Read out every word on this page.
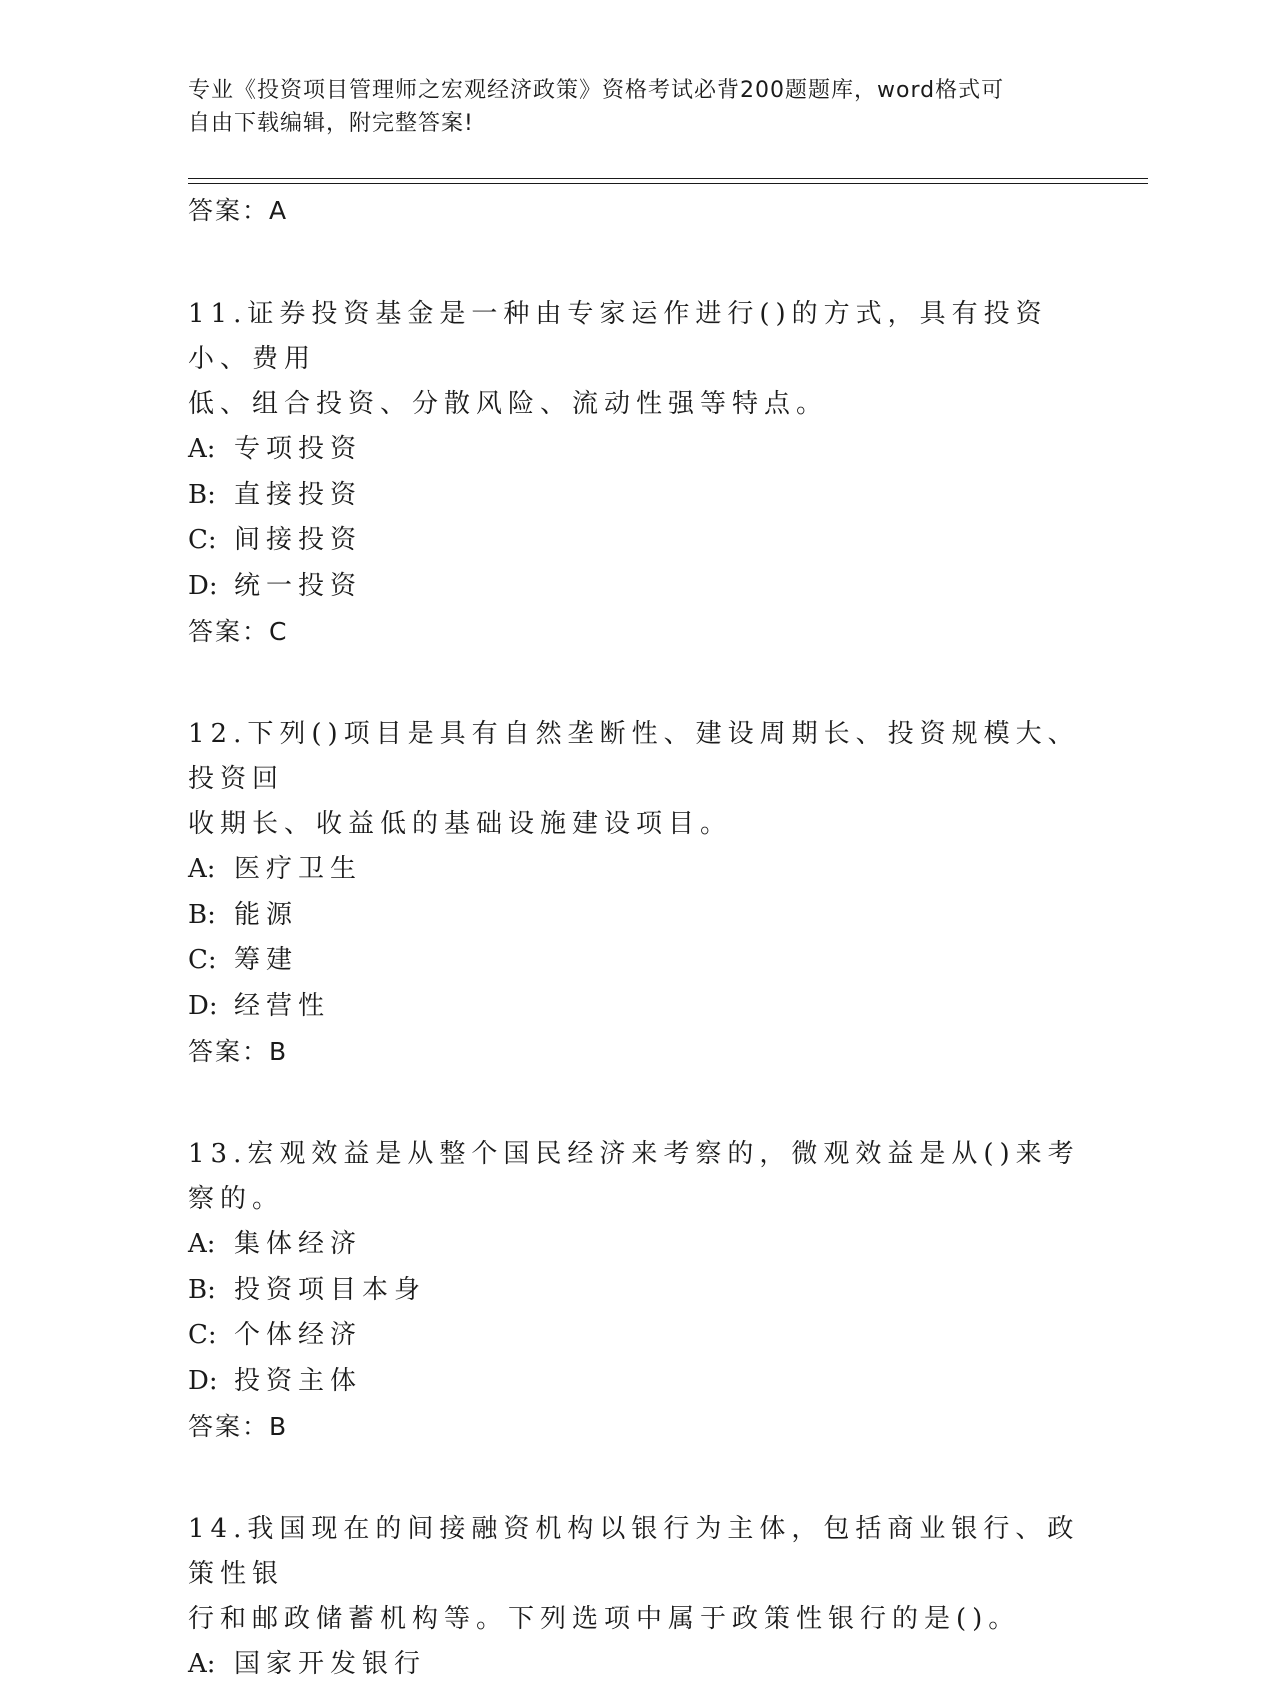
专业《投资项目管理师之宏观经济政策》资格考试必背200题题库，word格式可
自由下载编辑，附完整答案!
答案：A
11.证券投资基金是一种由专家运作进行()的方式，具有投资小、费用
低、组合投资、分散风险、流动性强等特点。
A: 专项投资
B: 直接投资
C: 间接投资
D: 统一投资
答案：C
12.下列()项目是具有自然垄断性、建设周期长、投资规模大、投资回
收期长、收益低的基础设施建设项目。
A: 医疗卫生
B: 能源
C: 筹建
D: 经营性
答案：B
13.宏观效益是从整个国民经济来考察的，微观效益是从()来考察的。
A: 集体经济
B: 投资项目本身
C: 个体经济
D: 投资主体
答案：B
14.我国现在的间接融资机构以银行为主体，包括商业银行、政策性银
行和邮政储蓄机构等。下列选项中属于政策性银行的是()。
A: 国家开发银行
